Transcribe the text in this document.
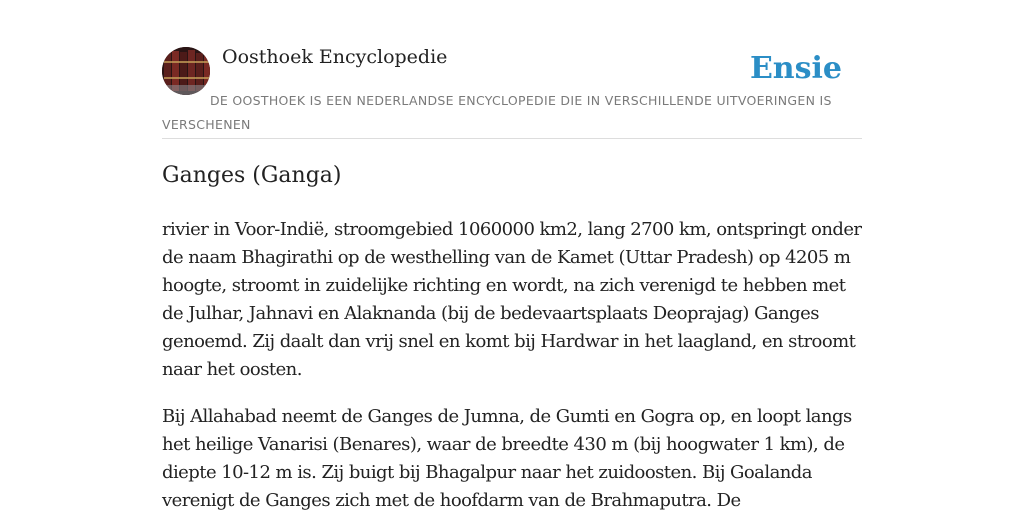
Oosthoek Encyclopedie	Ensie
DE OOSTHOEK IS EEN NEDERLANDSE ENCYCLOPEDIE DIE IN VERSCHILLENDE UITVOERINGEN IS VERSCHENEN
Ganges (Ganga)

rivier in Voor-Indië, stroomgebied 1060000 km2, lang 2700 km, ontspringt onder de naam Bhagirathi op de westhelling van de Kamet (Uttar Pradesh) op 4205 m hoogte, stroomt in zuidelijke richting en wordt, na zich verenigd te hebben met de Julhar, Jahnavi en Alaknanda (bij de bedevaartsplaats Deoprajag) Ganges genoemd. Zij daalt dan vrij snel en komt bij Hardwar in het laagland, en stroomt naar het oosten.

Bij Allahabad neemt de Ganges de Jumna, de Gumti en Gogra op, en loopt langs het heilige Vanarisi (Benares), waar de breedte 430 m (bij hoogwater 1 km), de diepte 10-12 m is. Zij buigt bij Bhagalpur naar het zuidoosten. Bij Goalanda verenigt de Ganges zich met de hoofdarm van de Brahmaputra. De
